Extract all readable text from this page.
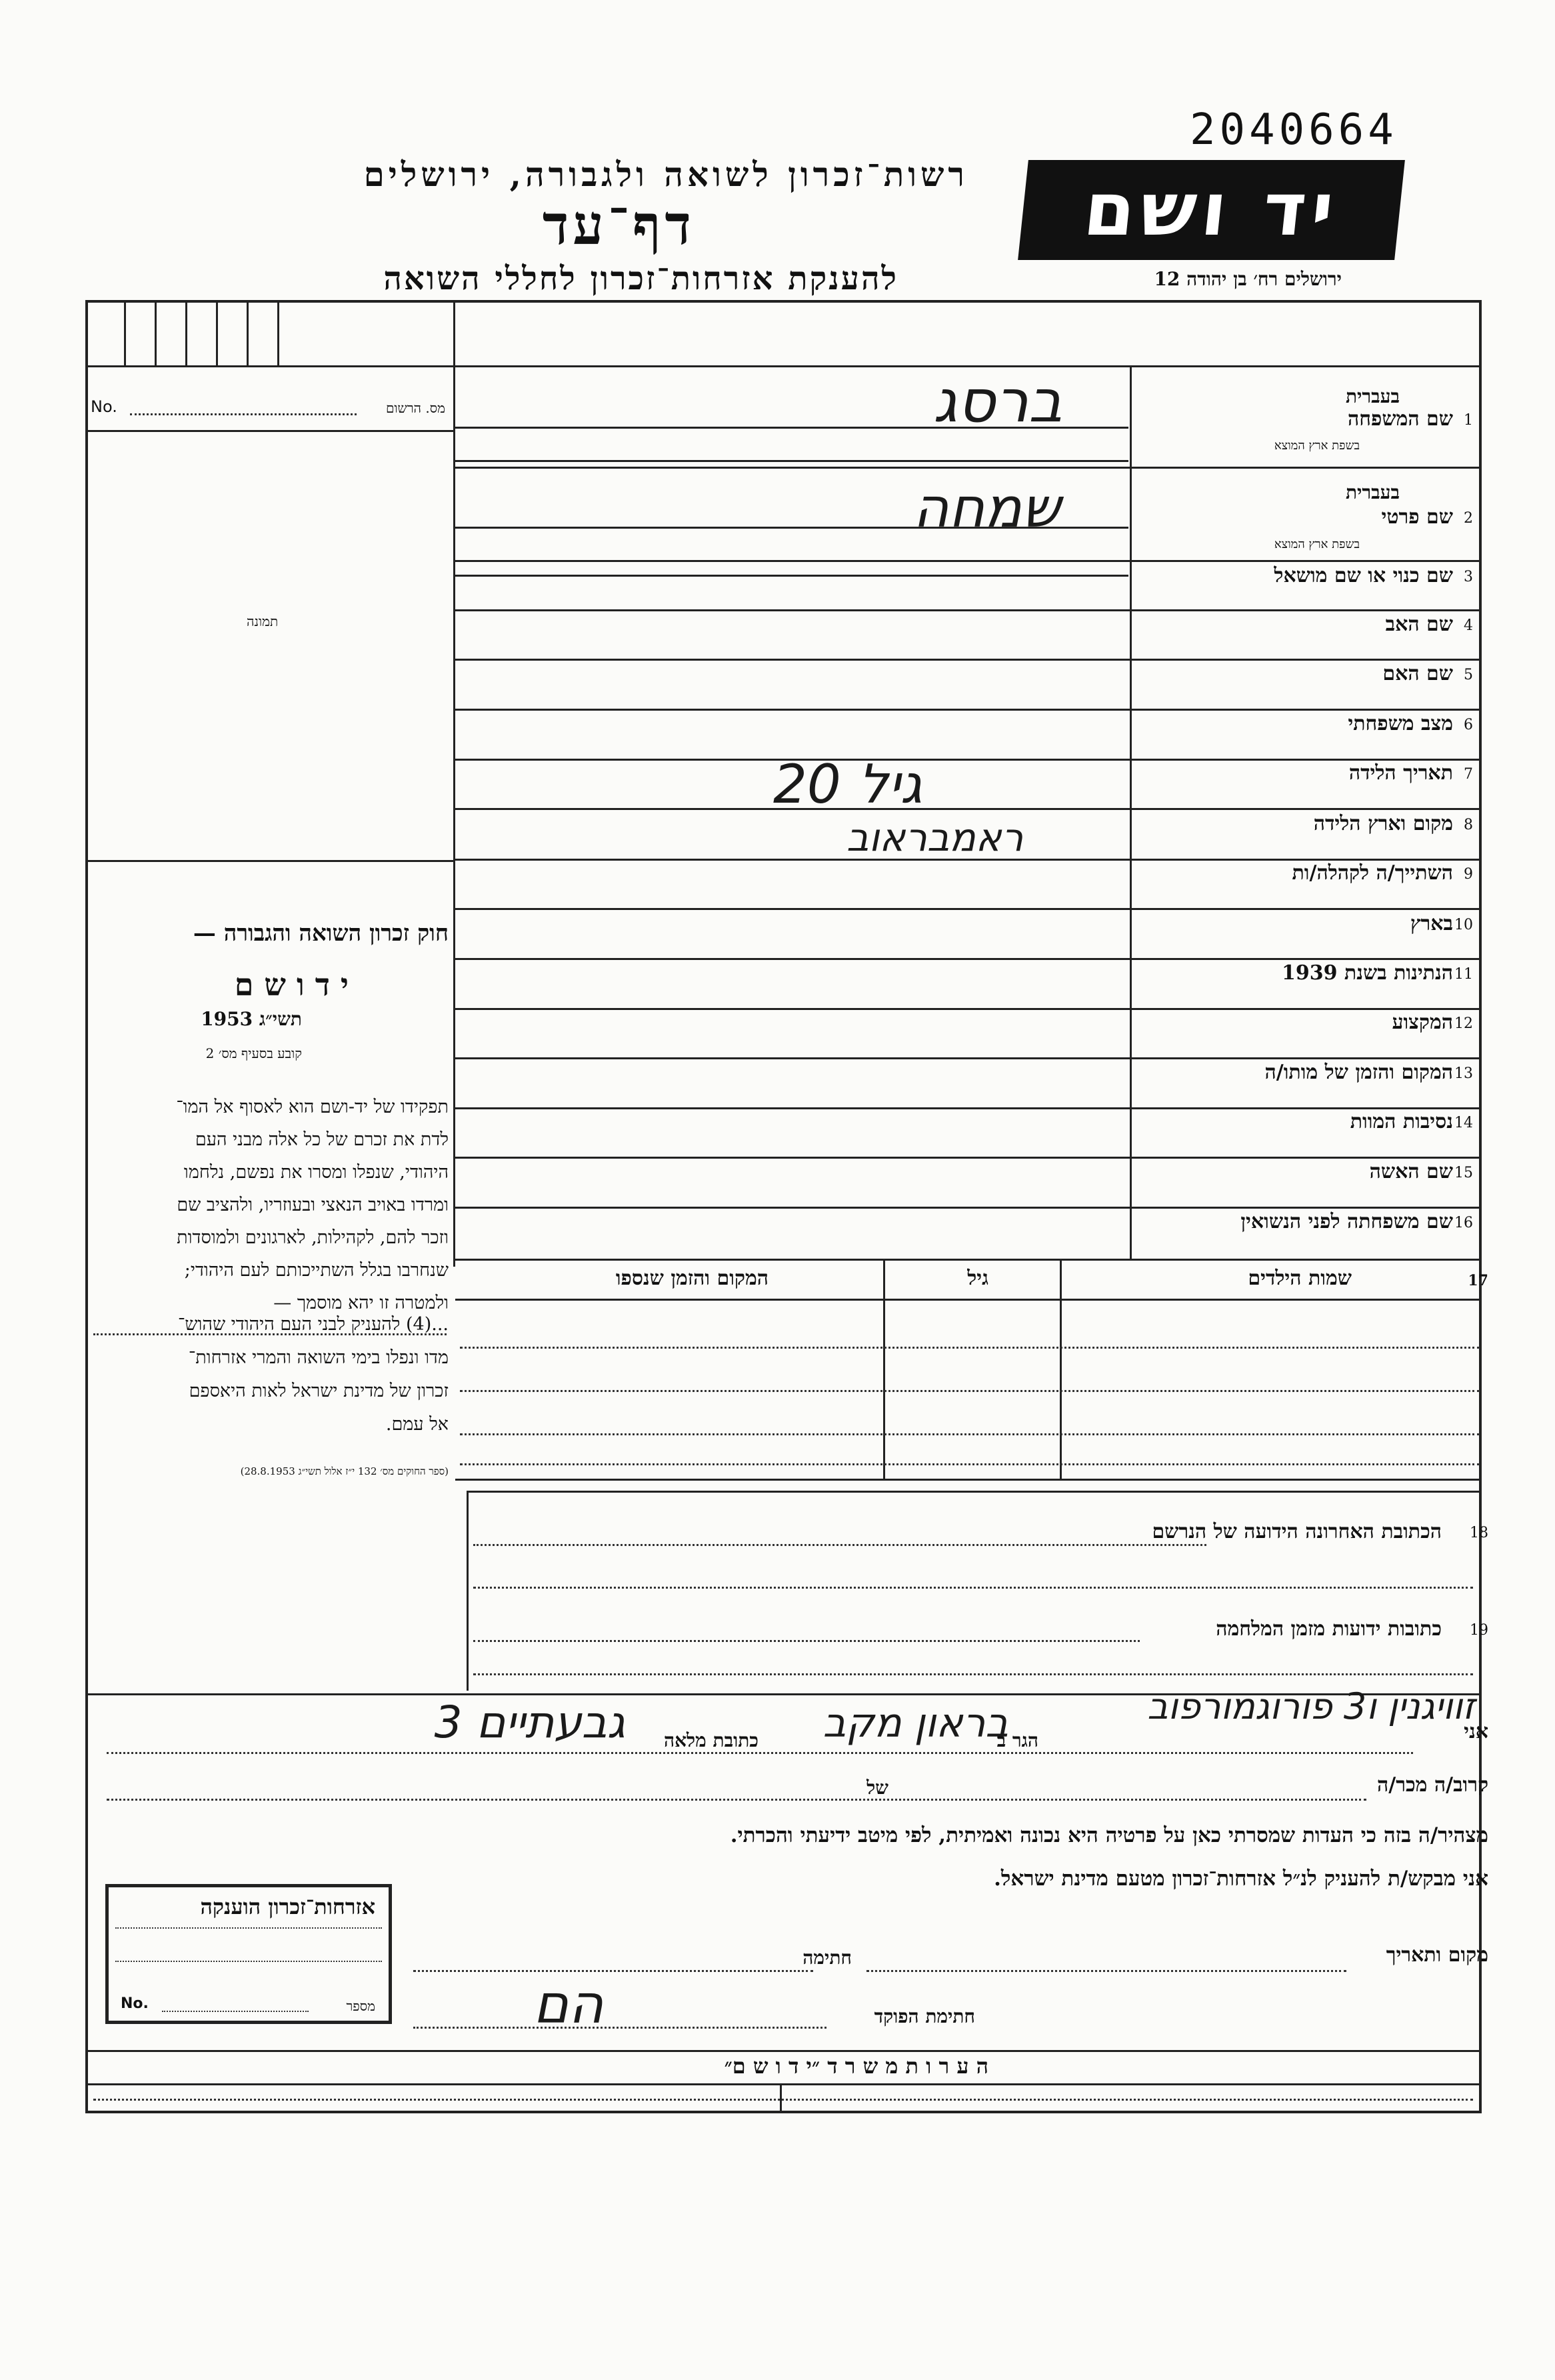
2040664
רשות־זכרון לשואה ולגבורה, ירושלים
דף־עד
להענקת אזרחות־זכרון לחללי השואה
יד ושם
ירושלים רח׳ בן יהודה 12
No.	מס. הרשום
תמונה
חוק זכרון השואה והגבורה —
י ד ו ש ם
תשי״ג 1953
קובע בסעיף מס׳ 2
תפקידו של יד-ושם הוא לאסוף אל המו־
לדת את זכרם של כל אלה מבני העם
היהודי, שנפלו ומסרו את נפשם, נלחמו
ומרדו באויב הנאצי ובעוזריו, ולהציב שם
וזכר להם, לקהילות, לארגונים ולמוסדות
שנחרבו בגלל השתייכותם לעם היהודי;
ולמטרה זו יהא מוסמך —
...(4) להעניק לבני העם היהודי שהוש־
מדו ונפלו בימי השואה והמרי אזרחות־
זכרון של מדינת ישראל לאות היאספם
אל עמם.
(ספר החוקים מס׳ 132 י״ז אלול תשי״ג 28.8.1953)
בעברית
שם המשפחה 1
בשפת ארץ המוצא
בעברית
שם פרטי 2
בשפת ארץ המוצא
שם כנוי או שם מושאל 3
שם האב 4
שם האם 5
מצב משפחתי 6
תאריך הלידה 7
מקום וארץ הלידה 8
השתייך/ה לקהלה/ות 9
בארץ 10
הנתינות בשנת 1939 11
המקצוע 12
המקום והזמן של מותו/ה 13
נסיבות המוות 14
שם האשה 15
שם משפחתה לפני הנשואין 16
ברסג
שמחה
20 גיל
ראמבראוב
17
שמות הילדים
גיל
המקום והזמן שנספו
הכתובת האחרונה הידועה של הנרשם 18
כתובות ידועות מזמן המלחמה 19
זוויגנין ו3 פורוגמורפוב
אני
הגר ב
בראון מקב
כתובת מלאה
גבעתיים 3
קרוב/ה מכר/ה
של
מצהיר/ה בזה כי העדות שמסרתי כאן על פרטיה היא נכונה ואמיתית, לפי מיטב ידיעתי והכרתי.
אני מבקש/ת להעניק לנ״ל אזרחות־זכרון מטעם מדינת ישראל.
מקום ותאריך
חתימה
חתימת הפוקד
הם
אזרחות־זכרון הוענקה
No.	מספר
ה ע ר ו ת מ ש ר ד ״י ד ו ש ם״
